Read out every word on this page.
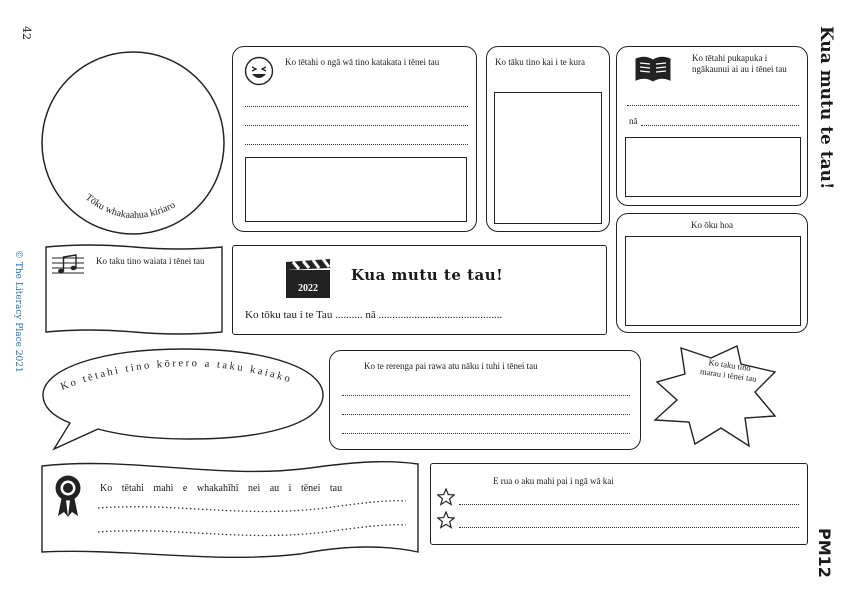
42	Kua mutu te tau!
© The Literacy Place 2021
PM12
Tōku whakaahua kiriaro
Ko tētahi o ngā wā tino katakata i tēnei tau	Ko tāku tino kai i te kura	Ko tētahi pukapuka i ngākaunui ai au i tēnei tau
nā
Ko ōku hoa
Ko taku tino waiata i tēnei tau
2022
Kua mutu te tau!
Ko tōku tau i te Tau .......... nā .............................................
Ko tētahi tino kōrero a taku kaiako
Ko te rerenga pai rawa atu nāku i tuhi i tēnei tau	Ko taku tino marau i tēnei tau
Ko tētahi mahi e whakahīhī nei au i tēnei tau
E rua o aku mahi pai i ngā wā kai
